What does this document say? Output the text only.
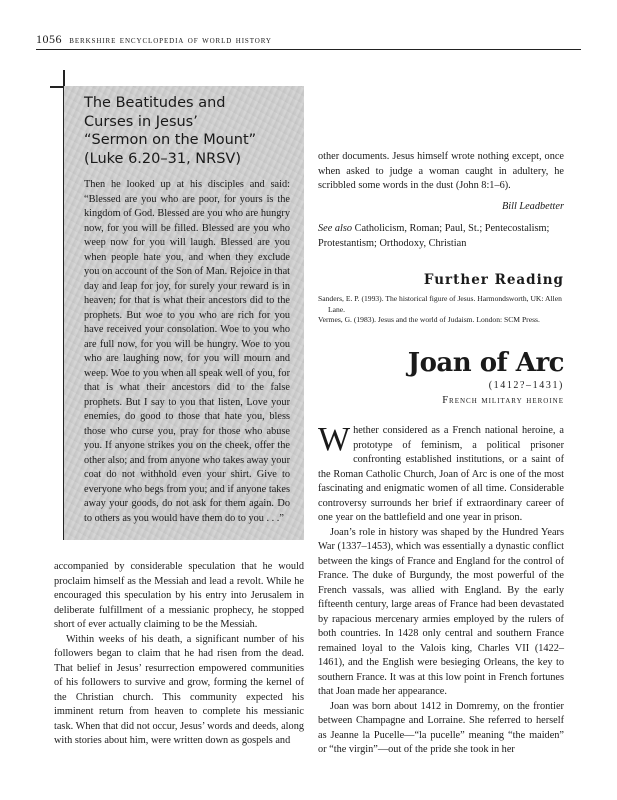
1056 berkshire encyclopedia of world history
The Beatitudes and
Curses in Jesus’
“Sermon on the Mount”
(Luke 6.20–31, NRSV)

Then he looked up at his disciples and said: “Blessed are you who are poor, for yours is the kingdom of God. Blessed are you who are hungry now, for you will be filled. Blessed are you who weep now for you will laugh. Blessed are you when people hate you, and when they exclude you on account of the Son of Man. Rejoice in that day and leap for joy, for surely your reward is in heaven; for that is what their ancestors did to the prophets. But woe to you who are rich for you have received your consolation. Woe to you who are full now, for you will be hungry. Woe to you who are laughing now, for you will mourn and weep. Woe to you when all speak well of you, for that is what their ancestors did to the false prophets. But I say to you that listen, Love your enemies, do good to those that hate you, bless those who curse you, pray for those who abuse you. If anyone strikes you on the cheek, offer the other also; and from anyone who takes away your coat do not withhold even your shirt. Give to everyone who begs from you; and if anyone takes away your goods, do not ask for them again. Do to others as you would have them do to you . . .”

accompanied by considerable speculation that he would proclaim himself as the Messiah and lead a revolt. While he encouraged this speculation by his entry into Jerusalem in deliberate fulfillment of a messianic prophecy, he stopped short of ever actually claiming to be the Messiah.

Within weeks of his death, a significant number of his followers began to claim that he had risen from the dead. That belief in Jesus’ resurrection empowered communities of his followers to survive and grow, forming the kernel of the Christian church. This community expected his imminent return from heaven to complete his messianic task. When that did not occur, Jesus’ words and deeds, along with stories about him, were written down as gospels and

other documents. Jesus himself wrote nothing except, once when asked to judge a woman caught in adultery, he scribbled some words in the dust (John 8:1–6).

Bill Leadbetter

See also Catholicism, Roman; Paul, St.; Pentecostalism; Protestantism; Orthodoxy, Christian

Further Reading

Sanders, E. P. (1993). The historical figure of Jesus. Harmondsworth, UK: Allen Lane.

Vermes, G. (1983). Jesus and the world of Judaism. London: SCM Press.

Joan of Arc
(1412?–1431)
French military heroine

Whether considered as a French national heroine, a prototype of feminism, a political prisoner confronting established institutions, or a saint of the Roman Catholic Church, Joan of Arc is one of the most fascinating and enigmatic women of all time. Considerable controversy surrounds her brief if extraordinary career of one year on the battlefield and one year in prison.

Joan’s role in history was shaped by the Hundred Years War (1337–1453), which was essentially a dynastic conflict between the kings of France and England for the control of France. The duke of Burgundy, the most powerful of the French vassals, was allied with England. By the early fifteenth century, large areas of France had been devastated by rapacious mercenary armies employed by the rulers of both countries. In 1428 only central and southern France remained loyal to the Valois king, Charles VII (1422–1461), and the English were besieging Orleans, the key to southern France. It was at this low point in French fortunes that Joan made her appearance.

Joan was born about 1412 in Domremy, on the frontier between Champagne and Lorraine. She referred to herself as Jeanne la Pucelle—“la pucelle” meaning “the maiden” or “the virgin”—out of the pride she took in her
